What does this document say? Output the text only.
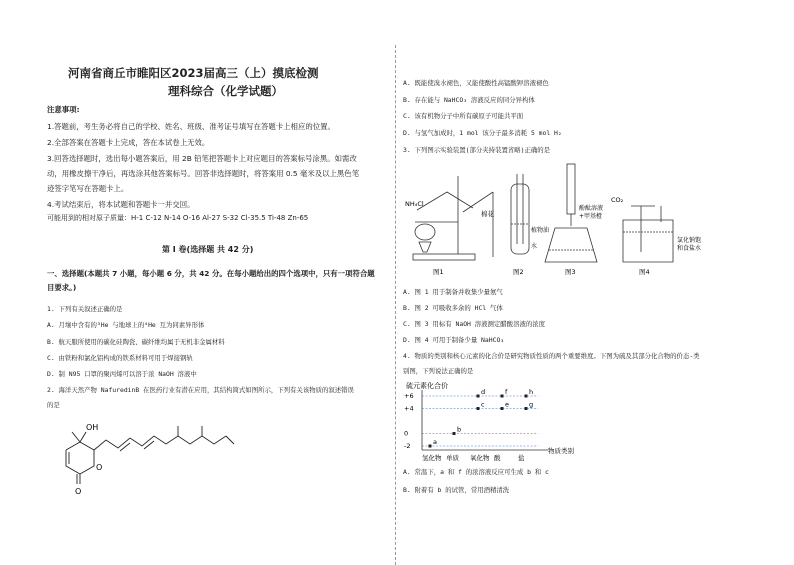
河南省商丘市睢阳区2023届高三（上）摸底检测
理科综合（化学试题）
注意事项:
1.答题前，考生务必将自己的学校、姓名、班级、准考证号填写在答题卡上相应的位置。
2.全部答案在答题卡上完成，答在本试卷上无效。
3.回答选择题时，选出每小题答案后，用 2B 铅笔把答题卡上对应题目的答案标号涂黑。如需改
动，用橡皮擦干净后，再选涂其他答案标号。回答非选择题时，将答案用 0.5 毫米及以上黑色笔
迹签字笔写在答题卡上。
4.考试结束后，将本试题和答题卡一并交回。
可能用到的相对原子质量：H-1 C-12 N-14 O-16 Al-27 S-32 Cl-35.5 Ti-48 Zn-65
第 I 卷(选择题 共 42 分)
一、选择题(本题共 7 小题，每小题 6 分，共 42 分。在每小题给出的四个选项中，只有一项符合题
目要求。)
1. 下列有关叙述正确的是
A. 月壤中含有的³He 与地球上的⁴He 互为同素异形体
B. 航天服所使用的碳化硅陶瓷、碳纤维均属于无机非金属材料
C. 由铁粉和氯化铝构成的铁系材料可用于焊接钢轨
D. 制 N95 口罩的聚丙烯可以溶于浓 NaOH 溶液中
2. 海洋天然产物 NafuredinB 在医药行业有潜在应用，其结构简式如图所示，下列有关该物质的叙述错误
的是
OH
O
O
A. 既能使溴水褪色，又能使酸性高锰酸钾溶液褪色
B. 存在能与 NaHCO₃ 溶液反应的同分异构体
C. 该有机物分子中所有碳原子可能共平面
D. 与氢气加成时，1 mol 该分子最多消耗 5 mol H₂
3. 下列图示实验装置(部分夹持装置省略)正确的是
NH₄Cl
棉花
植物油
水
酚酞溶液
+甲基橙
CO₂
氯化钠饱
和食盐水
图1	图2	图3	图4
A. 图 1 用于制备并收集少量氨气
B. 图 2 可吸收多余的 HCl 气体
C. 图 3 用标有 NaOH 溶液测定醋酸溶液的浓度
D. 图 4 可用于制备少量 NaHCO₃
4. 物质的类别和核心元素的化合价是研究物质性质的两个重要维度。下图为硫及其部分化合物的价态-类
别图，下列说法正确的是
硫元素化合价
物质类别
+6
+4
0
-2
氢化物 单质 氧化物 酸	盐
a
b
c
d
e
f
g
h
A. 常温下，a 和 f 的浓溶液反应可生成 b 和 c
B. 附着有 b 的试管，常用酒精清洗
